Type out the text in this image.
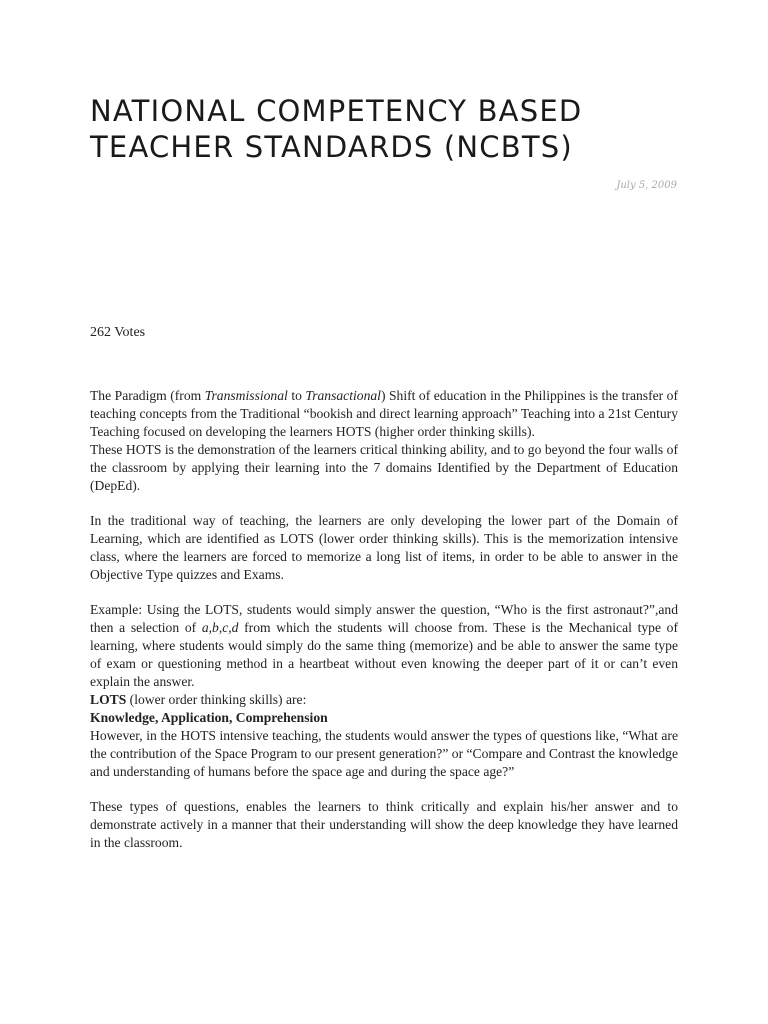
NATIONAL COMPETENCY BASED
TEACHER STANDARDS (NCBTS)
July 5, 2009
262 Votes

The Paradigm (from Transmissional to Transactional) Shift of education in the Philippines is the transfer of teaching concepts from the Traditional “bookish and direct learning approach” Teaching into a 21st Century Teaching focused on developing the learners HOTS (higher order thinking skills).

These HOTS is the demonstration of the learners critical thinking ability, and to go beyond the four walls of the classroom by applying their learning into the 7 domains Identified by the Department of Education (DepEd).

In the traditional way of teaching, the learners are only developing the lower part of the Domain of Learning, which are identified as LOTS (lower order thinking skills). This is the memorization intensive class, where the learners are forced to memorize a long list of items, in order to be able to answer in the Objective Type quizzes and Exams.

Example: Using the LOTS, students would simply answer the question, “Who is the first astronaut?”,and then a selection of a,b,c,d from which the students will choose from. These is the Mechanical type of learning, where students would simply do the same thing (memorize) and be able to answer the same type of exam or questioning method in a heartbeat without even knowing the deeper part of it or can’t even explain the answer.

LOTS (lower order thinking skills) are:

Knowledge, Application, Comprehension

However, in the HOTS intensive teaching, the students would answer the types of questions like, “What are the contribution of the Space Program to our present generation?” or “Compare and Contrast the knowledge and understanding of humans before the space age and during the space age?”

These types of questions, enables the learners to think critically and explain his/her answer and to demonstrate actively in a manner that their understanding will show the deep knowledge they have learned in the classroom.
